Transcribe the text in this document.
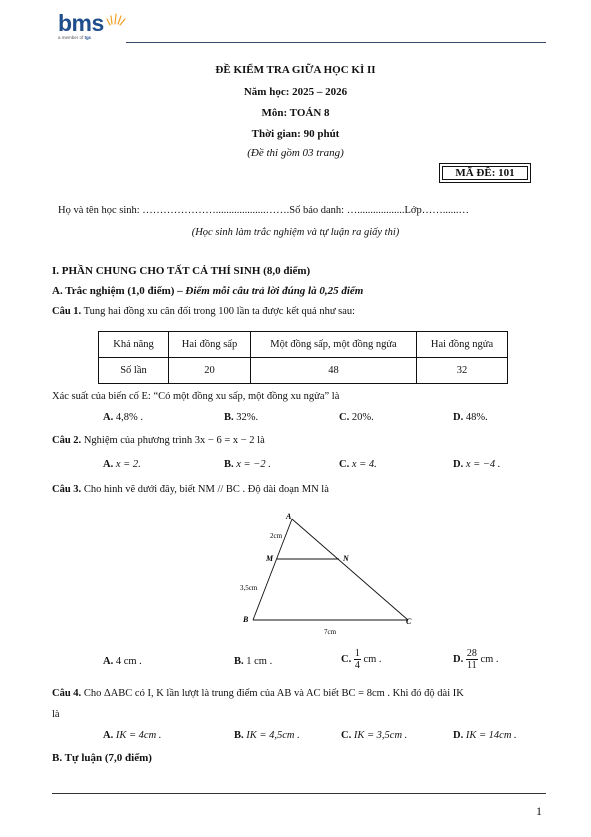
bms
a member of tgc
ĐỀ KIỂM TRA GIỮA HỌC KÌ II
Năm học: 2025 – 2026
Môn: TOÁN 8
Thời gian: 90 phút
(Đề thi gồm 03 trang)
MÃ ĐỀ: 101
Họ và tên học sinh: …………………...................…….Số báo danh: …..................Lớp……......…
(Học sinh làm trắc nghiệm và tự luận ra giấy thi)
I. PHẦN CHUNG CHO TẤT CẢ THÍ SINH (8,0 điểm)
A. Trắc nghiệm (1,0 điểm) – Điểm mỗi câu trả lời đúng là 0,25 điểm
Câu 1. Tung hai đồng xu cân đối trong 100 lần ta được kết quả như sau:
Khả năng	Hai đồng sấp	Một đồng sấp, một đồng ngửa	Hai đồng ngửa
Số lần	20	48	32
Xác suất của biến cố E: “Có một đồng xu sấp, một đồng xu ngửa” là
A. 4,8% .	B. 32%.	C. 20%.	D. 48%.
Câu 2. Nghiệm của phương trình 3x − 6 = x − 2 là
A. x = 2.	B. x = −2 .	C. x = 4.	D. x = −4 .
Câu 3. Cho hình vẽ dưới đây, biết NM // BC . Độ dài đoạn MN là
A
M	N
B	C
2cm
3,5cm
7cm
A. 4 cm .	B. 1 cm .	C. $\frac{1}{4}$ cm .	D. $\frac{28}{11}$ cm .
Câu 4. Cho ΔABC có I, K lần lượt là trung điểm của AB và AC biết BC = 8cm . Khi đó độ dài IK
là
A. IK = 4cm .	B. IK = 4,5cm .	C. IK = 3,5cm .	D. IK = 14cm .
B. Tự luận (7,0 điểm)
1
